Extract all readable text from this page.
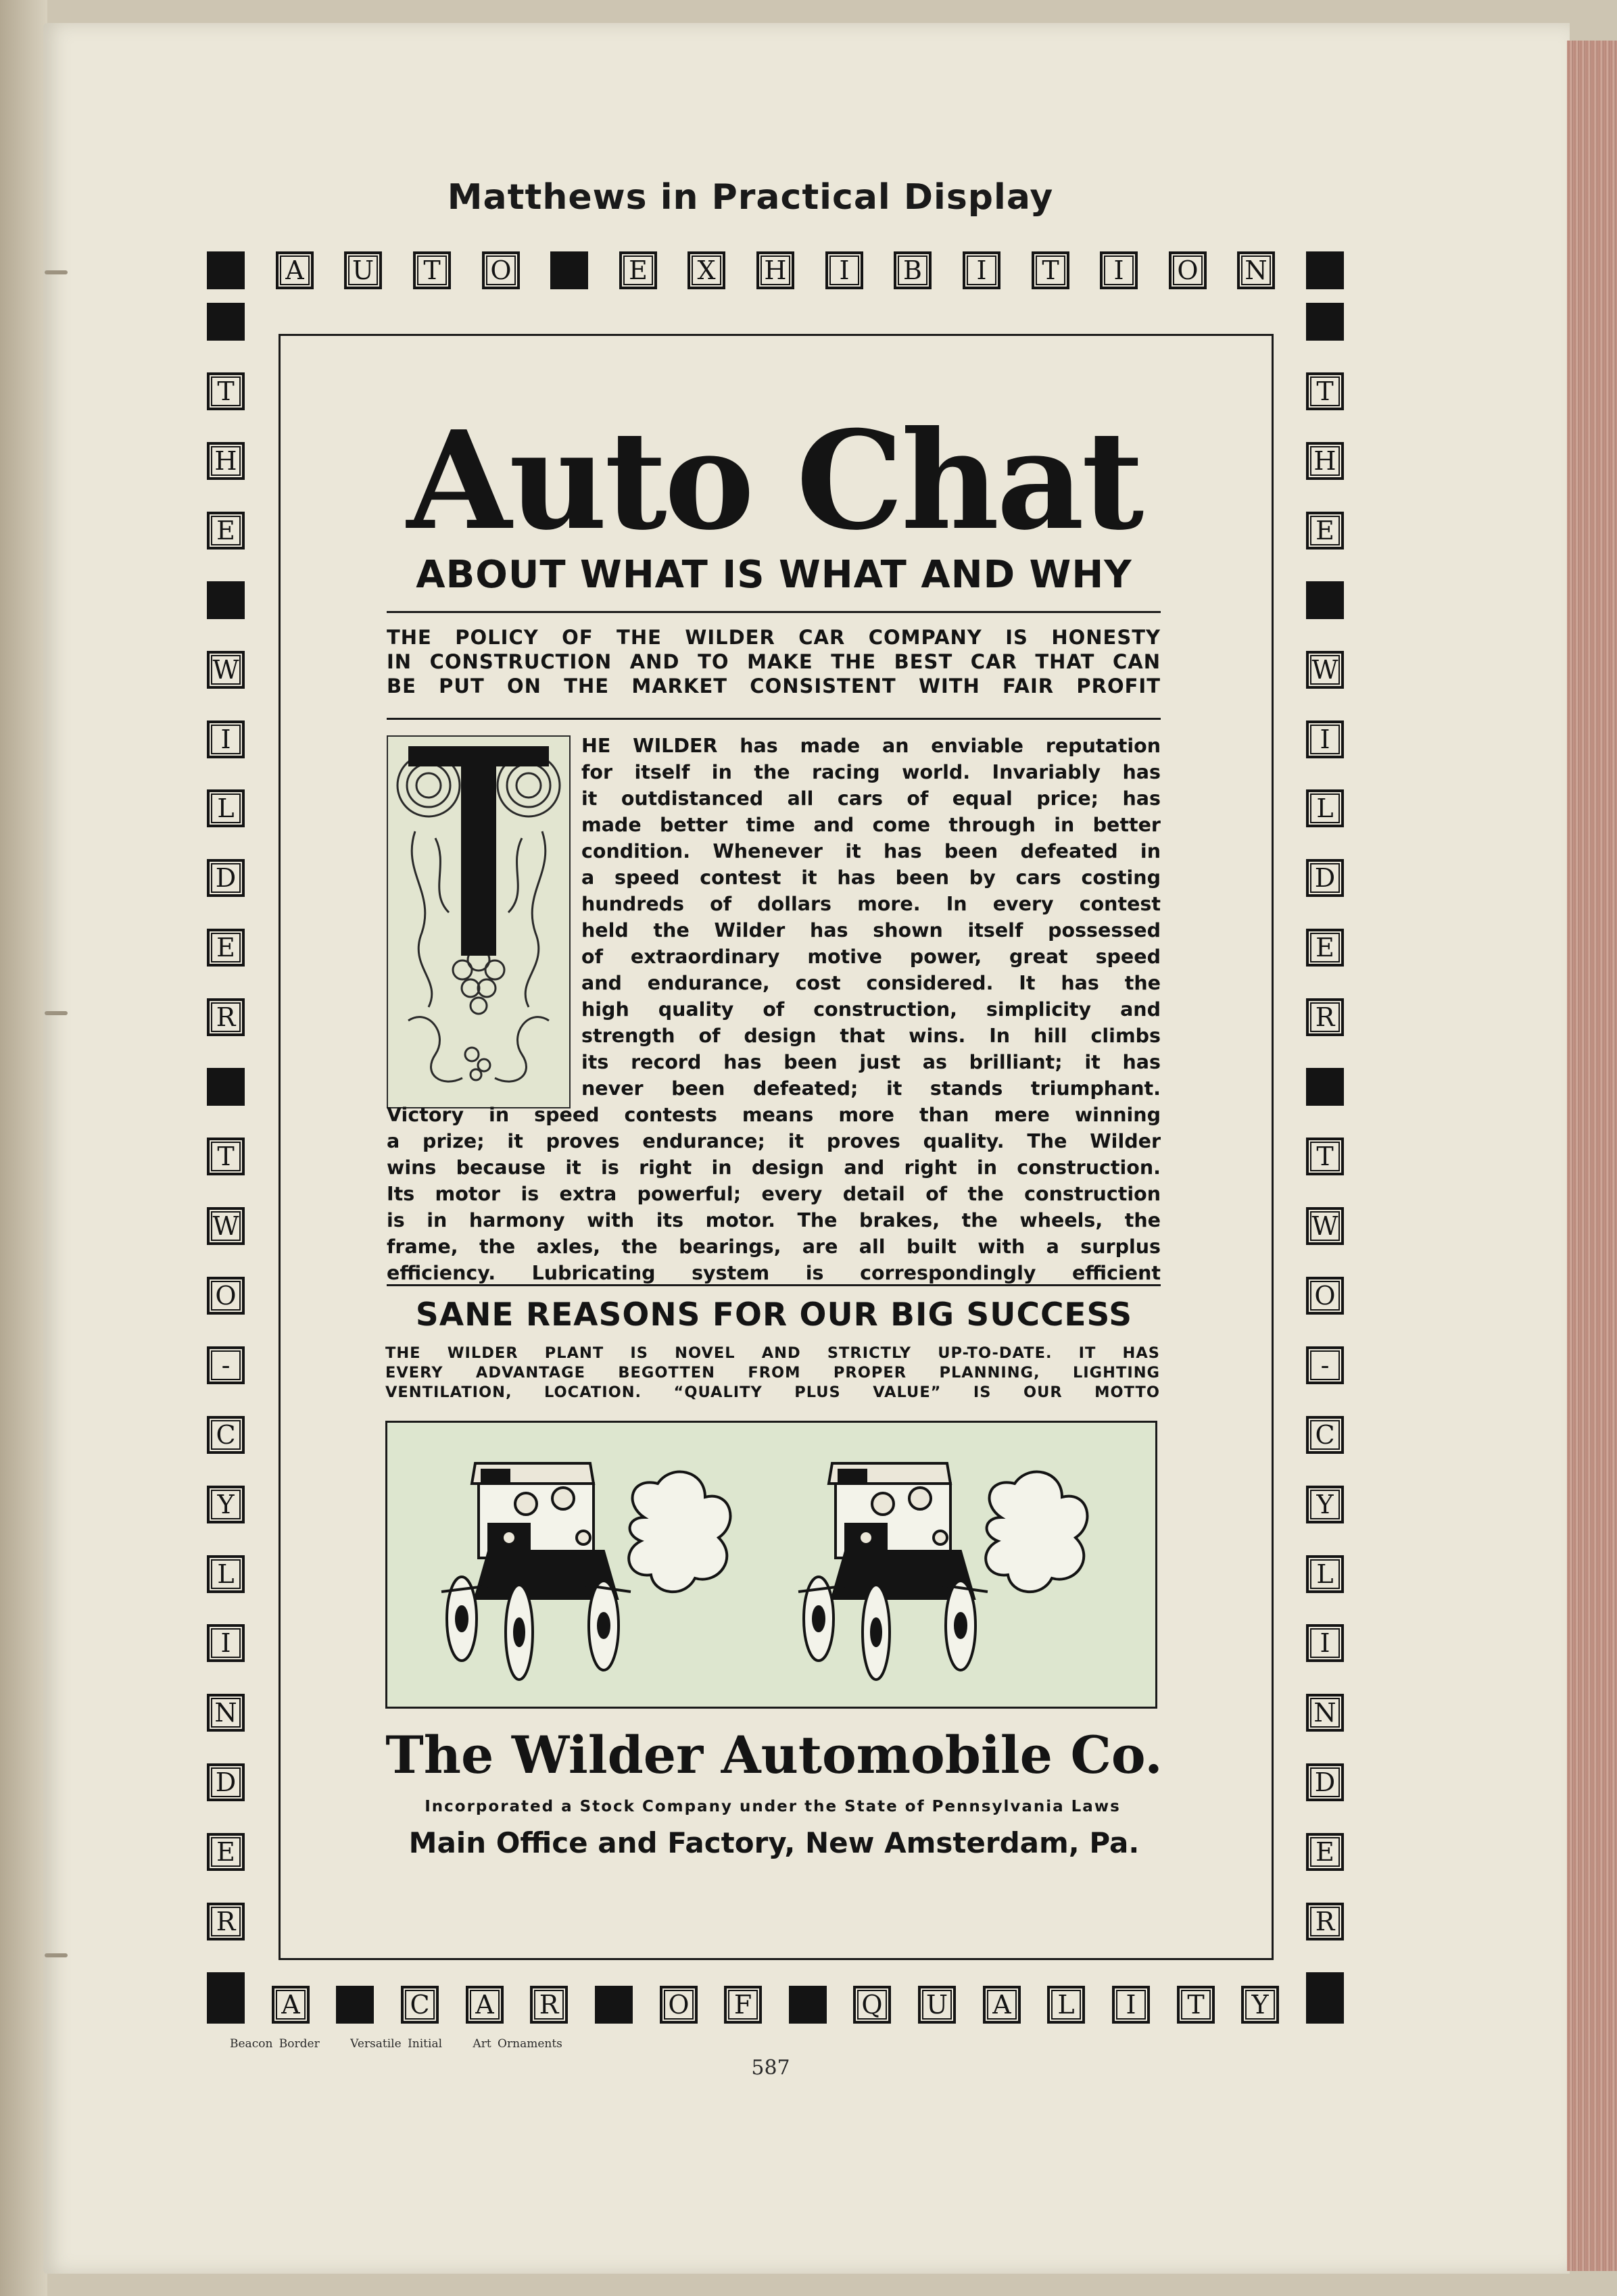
Matthews in Practical Display
A U T O	E X H	I	B	I	T	I	O N
A	C A R	O F	Q U A L	I	T	Y
T	T
H	H
E	E
W	W
I	I
L	L
D	D
E	E
R	R
T	T
W	W
O	O
-	-
C	C
Y	Y
L	L
I	I
N	N
D	D
E	E
R	R
Auto Chat
ABOUT WHAT IS WHAT AND WHY
THE POLICY OF THE WILDER CAR COMPANY IS HONESTY
IN CONSTRUCTION AND TO MAKE THE BEST CAR THAT CAN
BE PUT ON THE MARKET CONSISTENT WITH FAIR PROFIT
T
HE WILDER has made an enviable reputation
for itself in the racing world. Invariably has
it outdistanced all cars of equal price; has
made better time and come through in better
condition. Whenever it has been defeated in
a speed contest it has been by cars costing
hundreds of dollars more. In every contest
held the Wilder has shown itself possessed
of extraordinary motive power, great speed
and endurance, cost considered. It has the
high quality of construction, simplicity and
strength of design that wins. In hill climbs
its record has been just as brilliant; it has
never been defeated; it stands triumphant.
Victory in speed contests means more than mere winning
a prize; it proves endurance; it proves quality. The Wilder
wins because it is right in design and right in construction.
Its motor is extra powerful; every detail of the construction
is in harmony with its motor. The brakes, the wheels, the
frame, the axles, the bearings, are all built with a surplus
efficiency. Lubricating system is correspondingly efficient
SANE REASONS FOR OUR BIG SUCCESS
THE WILDER PLANT IS NOVEL AND STRICTLY UP-TO-DATE. IT HAS
EVERY ADVANTAGE BEGOTTEN FROM PROPER PLANNING, LIGHTING
VENTILATION, LOCATION. “QUALITY PLUS VALUE” IS OUR MOTTO
The Wilder Automobile Co.
Incorporated a Stock Company under the State of Pennsylvania Laws
Main Office and Factory, New Amsterdam, Pa.
Beacon Border	Versatile Initial	Art Ornaments
587
